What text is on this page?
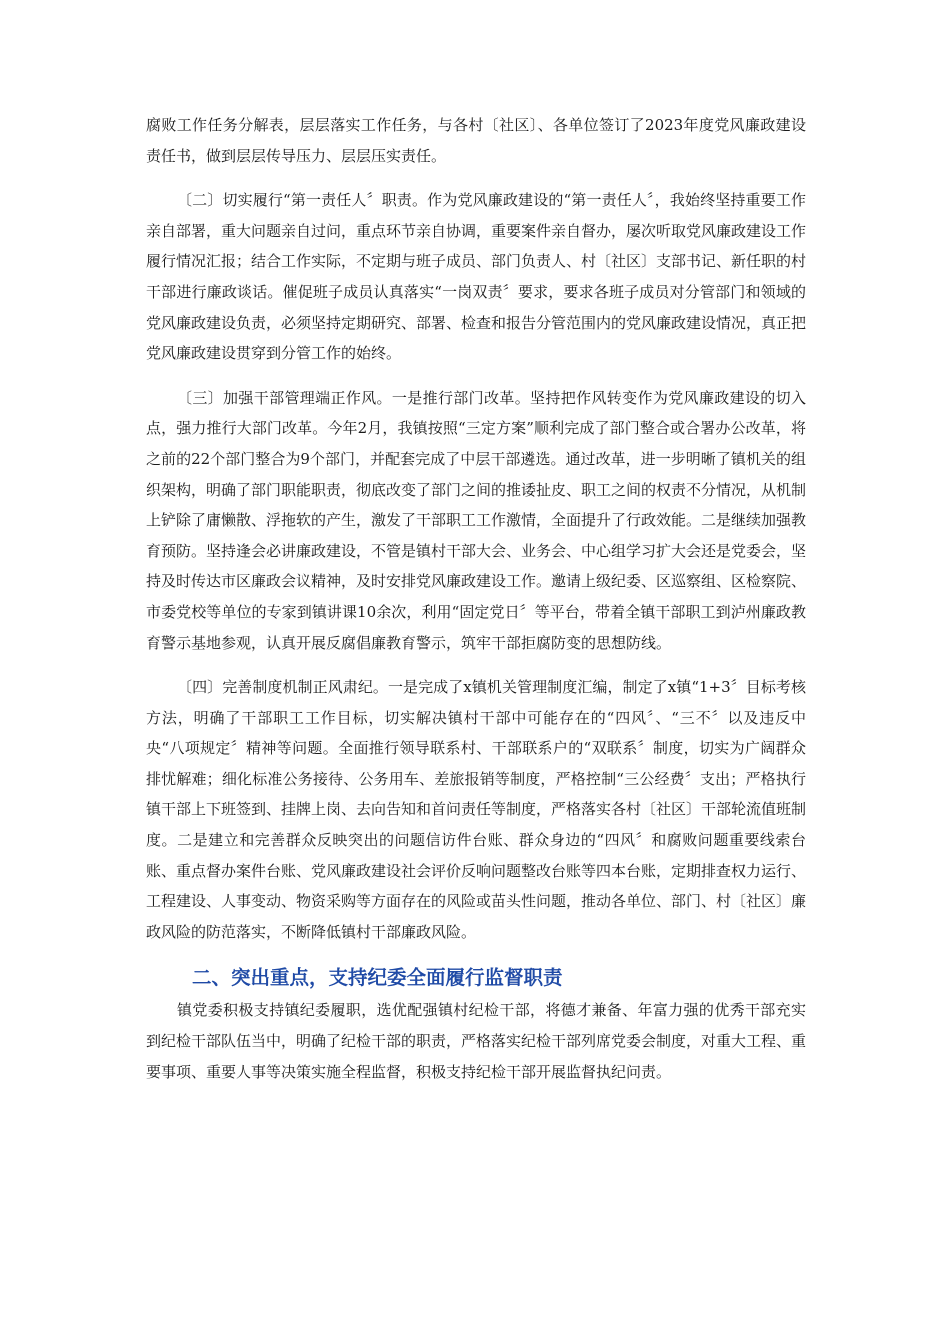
腐败工作任务分解表，层层落实工作任务，与各村〔社区〕、各单位签订了2023年度党风廉政建设责任书，做到层层传导压力、层层压实责任。

〔二〕切实履行“第一责任人〞职责。作为党风廉政建设的“第一责任人〞，我始终坚持重要工作亲自部署，重大问题亲自过问，重点环节亲自协调，重要案件亲自督办，屡次听取党风廉政建设工作履行情况汇报；结合工作实际，不定期与班子成员、部门负责人、村〔社区〕支部书记、新任职的村干部进行廉政谈话。催促班子成员认真落实“一岗双责〞要求，要求各班子成员对分管部门和领域的党风廉政建设负责，必须坚持定期研究、部署、检查和报告分管范围内的党风廉政建设情况，真正把党风廉政建设贯穿到分管工作的始终。

〔三〕加强干部管理端正作风。一是推行部门改革。坚持把作风转变作为党风廉政建设的切入点，强力推行大部门改革。今年2月，我镇按照“三定方案”顺利完成了部门整合或合署办公改革，将之前的22个部门整合为9个部门，并配套完成了中层干部遴选。通过改革，进一步明晰了镇机关的组织架构，明确了部门职能职责，彻底改变了部门之间的推诿扯皮、职工之间的权责不分情况，从机制上铲除了庸懒散、浮拖软的产生，激发了干部职工工作激情，全面提升了行政效能。二是继续加强教育预防。坚持逢会必讲廉政建设，不管是镇村干部大会、业务会、中心组学习扩大会还是党委会，坚持及时传达市区廉政会议精神，及时安排党风廉政建设工作。邀请上级纪委、区巡察组、区检察院、市委党校等单位的专家到镇讲课10余次，利用“固定党日〞等平台，带着全镇干部职工到泸州廉政教育警示基地参观，认真开展反腐倡廉教育警示，筑牢干部拒腐防变的思想防线。

〔四〕完善制度机制正风肃纪。一是完成了x镇机关管理制度汇编，制定了x镇“1+3〞目标考核方法，明确了干部职工工作目标，切实解决镇村干部中可能存在的“四风〞、“三不〞以及违反中央“八项规定〞精神等问题。全面推行领导联系村、干部联系户的“双联系〞制度，切实为广阔群众排忧解难；细化标准公务接待、公务用车、差旅报销等制度，严格控制“三公经费〞支出；严格执行镇干部上下班签到、挂牌上岗、去向告知和首问责任等制度，严格落实各村〔社区〕干部轮流值班制度。二是建立和完善群众反映突出的问题信访件台账、群众身边的“四风〞和腐败问题重要线索台账、重点督办案件台账、党风廉政建设社会评价反响问题整改台账等四本台账，定期排查权力运行、工程建设、人事变动、物资采购等方面存在的风险或苗头性问题，推动各单位、部门、村〔社区〕廉政风险的防范落实，不断降低镇村干部廉政风险。

二、突出重点，支持纪委全面履行监督职责

镇党委积极支持镇纪委履职，选优配强镇村纪检干部，将德才兼备、年富力强的优秀干部充实到纪检干部队伍当中，明确了纪检干部的职责，严格落实纪检干部列席党委会制度，对重大工程、重要事项、重要人事等决策实施全程监督，积极支持纪检干部开展监督执纪问责。
